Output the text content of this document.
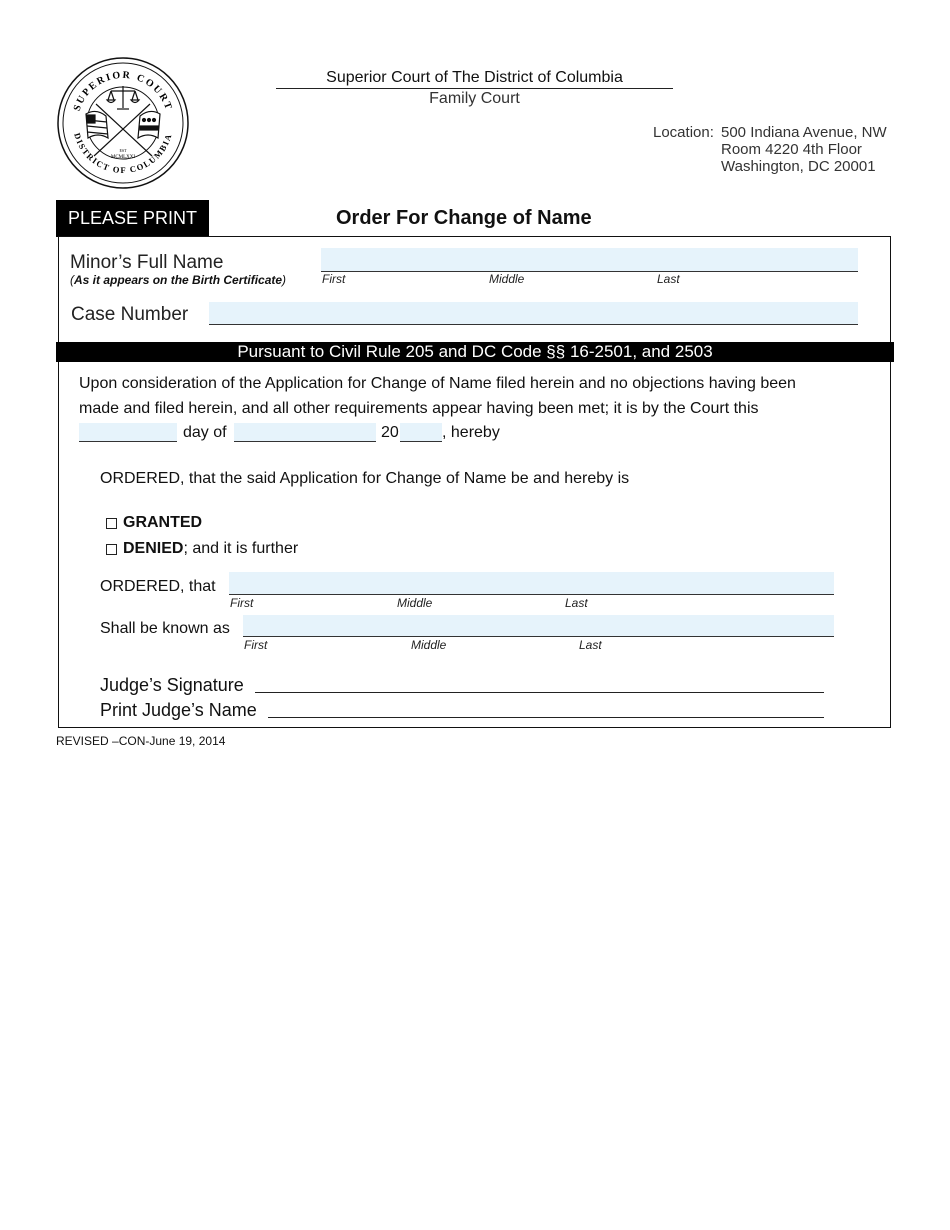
SUPERIOR COURT
DISTRICT OF COLUMBIA
EST
MCMLXXI
Superior Court of The District of Columbia
Family Court
Location: 500 Indiana Avenue, NW
Room 4220 4th Floor
Washington, DC 20001
PLEASE PRINT	Order For Change of Name
Minor’s Full Name
(As it appears on the Birth Certificate)	First	Middle	Last
Case Number
Pursuant to Civil Rule 205 and DC Code §§ 16-2501, and 2503
Upon consideration of the Application for Change of Name filed herein and no objections having been
made and filed herein, and all other requirements appear having been met; it is by the Court this
day of	20	, hereby
ORDERED, that the said Application for Change of Name be and hereby is
GRANTED
DENIED; and it is further
ORDERED, that
First	Middle	Last
Shall be known as
First	Middle	Last
Judge’s Signature
Print Judge’s Name
REVISED –CON-June 19, 2014
